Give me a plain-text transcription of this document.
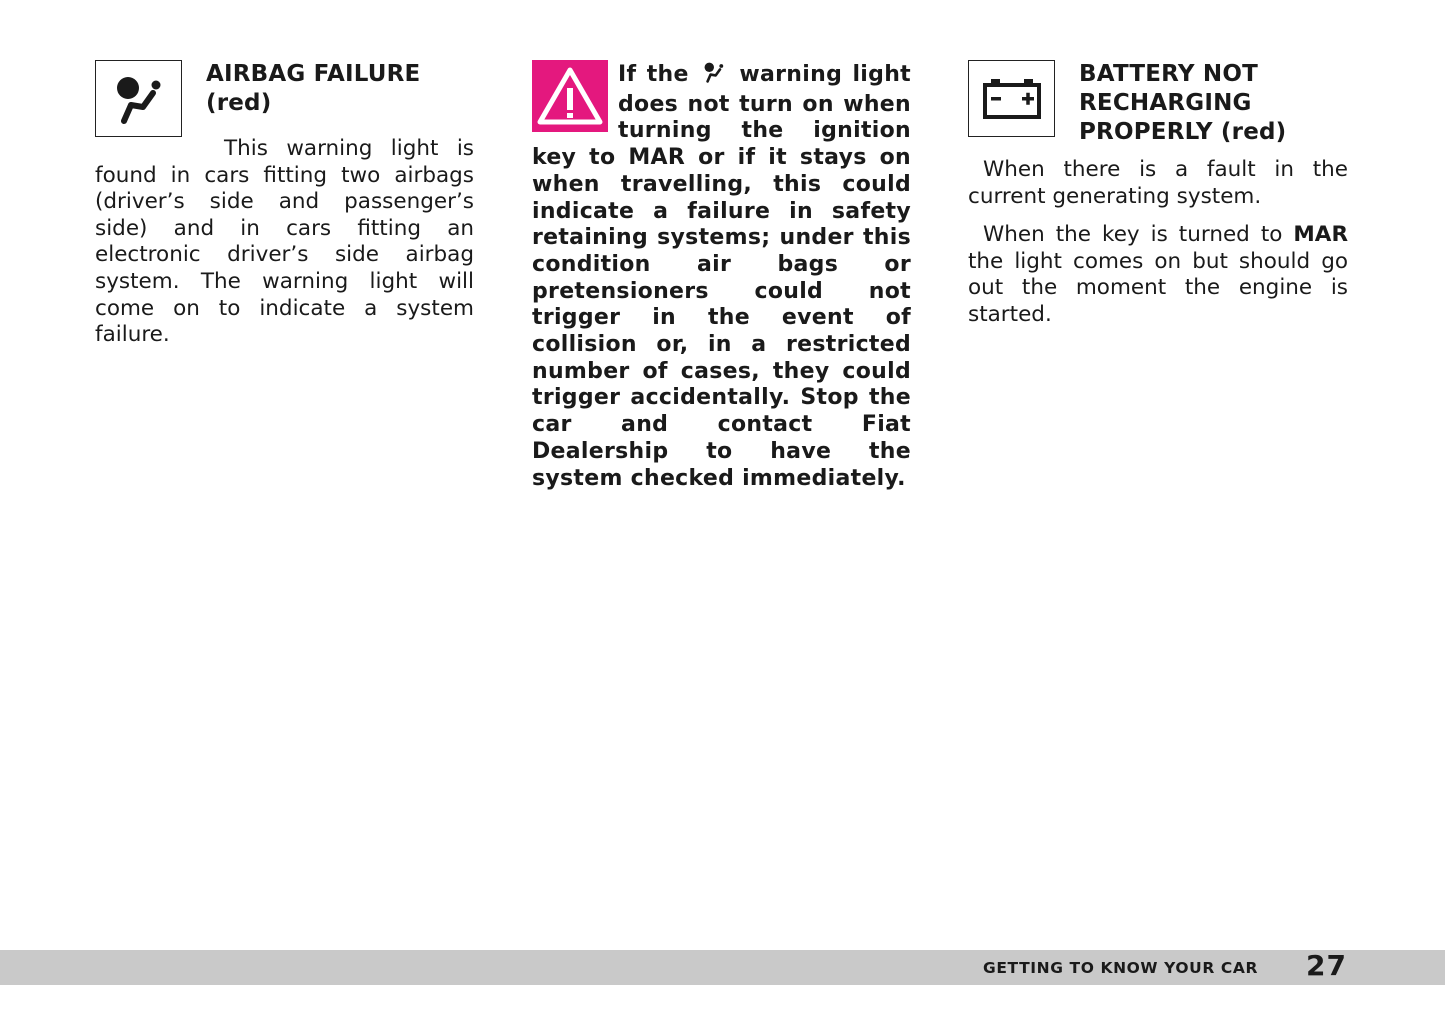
AIRBAG FAILURE
(red)

This warning light is found in cars fitting two airbags (driver’s side and passenger’s side) and in cars fitting an electronic driver’s side airbag system. The warning light will come on to indicate a system failure.

If the warning light does not turn on when turning the ignition key to MAR or if it stays on when travelling, this could indicate a failure in safety retaining systems; under this condition air bags or pretensioners could not trigger in the event of collision or, in a restricted number of cases, they could trigger accidentally. Stop the car and contact Fiat Dealership to have the system checked immediately.

BATTERY NOT
RECHARGING
PROPERLY (red)

When there is a fault in the current generating system.

When the key is turned to MAR the light comes on but should go out the moment the engine is started.

GETTING TO KNOW YOUR CAR 27
